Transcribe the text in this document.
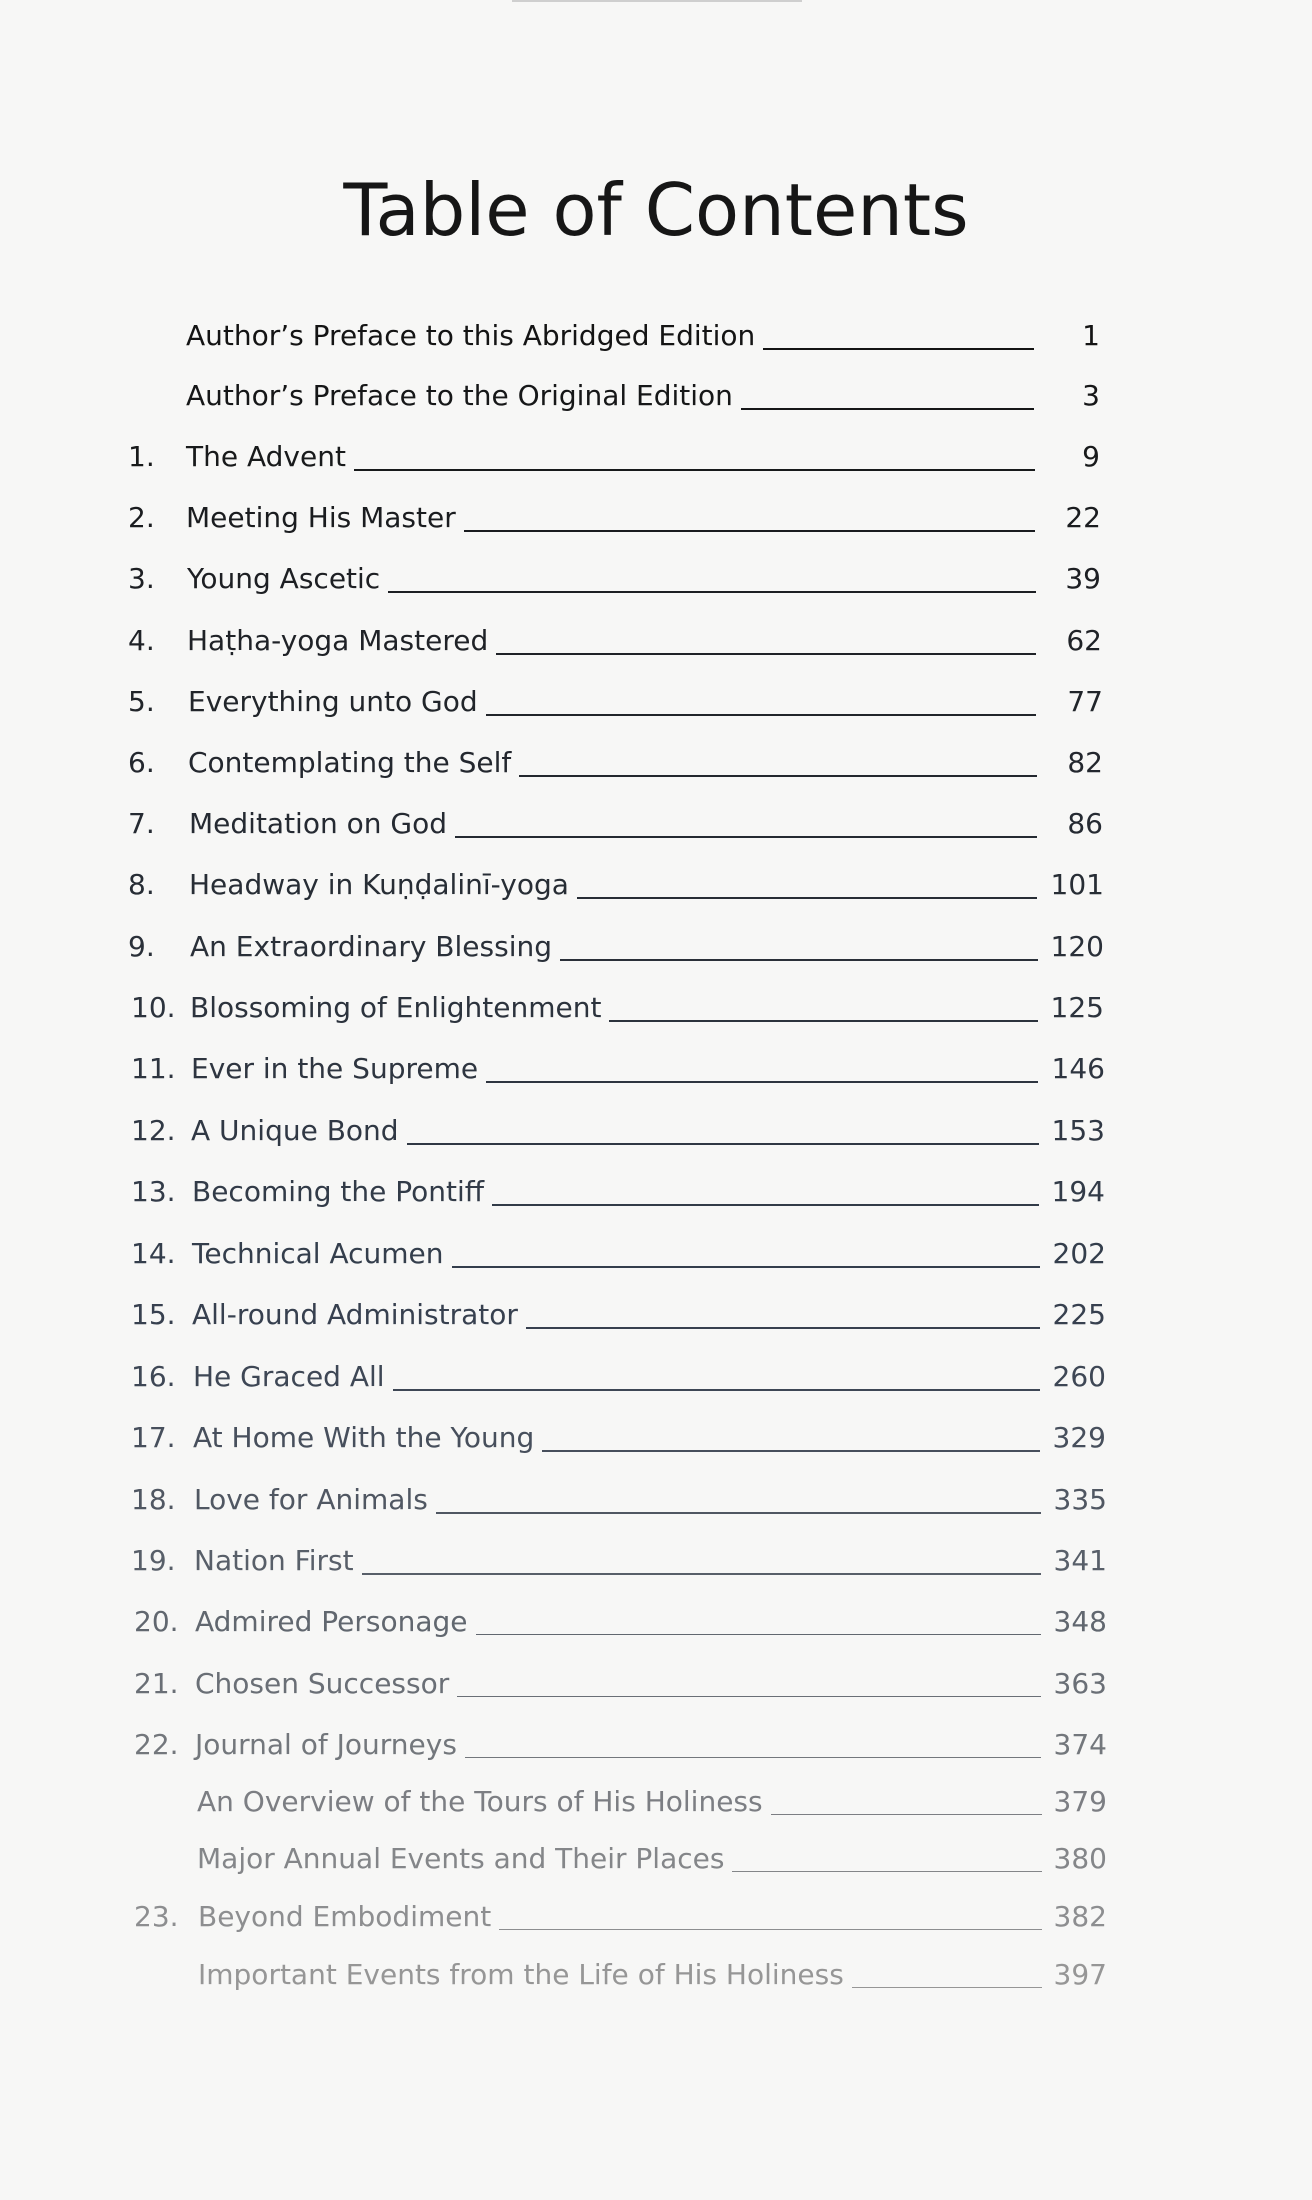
Table of Contents
Author’s Preface to this Abridged Edition	1
Author’s Preface to the Original Edition	3
1.	The Advent	9
2.	Meeting His Master	22
3.	Young Ascetic	39
4.	Haṭha-yoga Mastered	62
5.	Everything unto God	77
6.	Contemplating the Self	82
7.	Meditation on God	86
8.	Headway in Kuṇḍalinī-yoga	101
9.	An Extraordinary Blessing	120
10. Blossoming of Enlightenment	125
11. Ever in the Supreme	146
12. A Unique Bond	153
13. Becoming the Pontiff	194
14. Technical Acumen	202
15. All-round Administrator	225
16. He Graced All	260
17. At Home With the Young	329
18. Love for Animals	335
19. Nation First	341
20. Admired Personage	348
21. Chosen Successor	363
22. Journal of Journeys	374
An Overview of the Tours of His Holiness	379
Major Annual Events and Their Places	380
23. Beyond Embodiment	382
Important Events from the Life of His Holiness	397
